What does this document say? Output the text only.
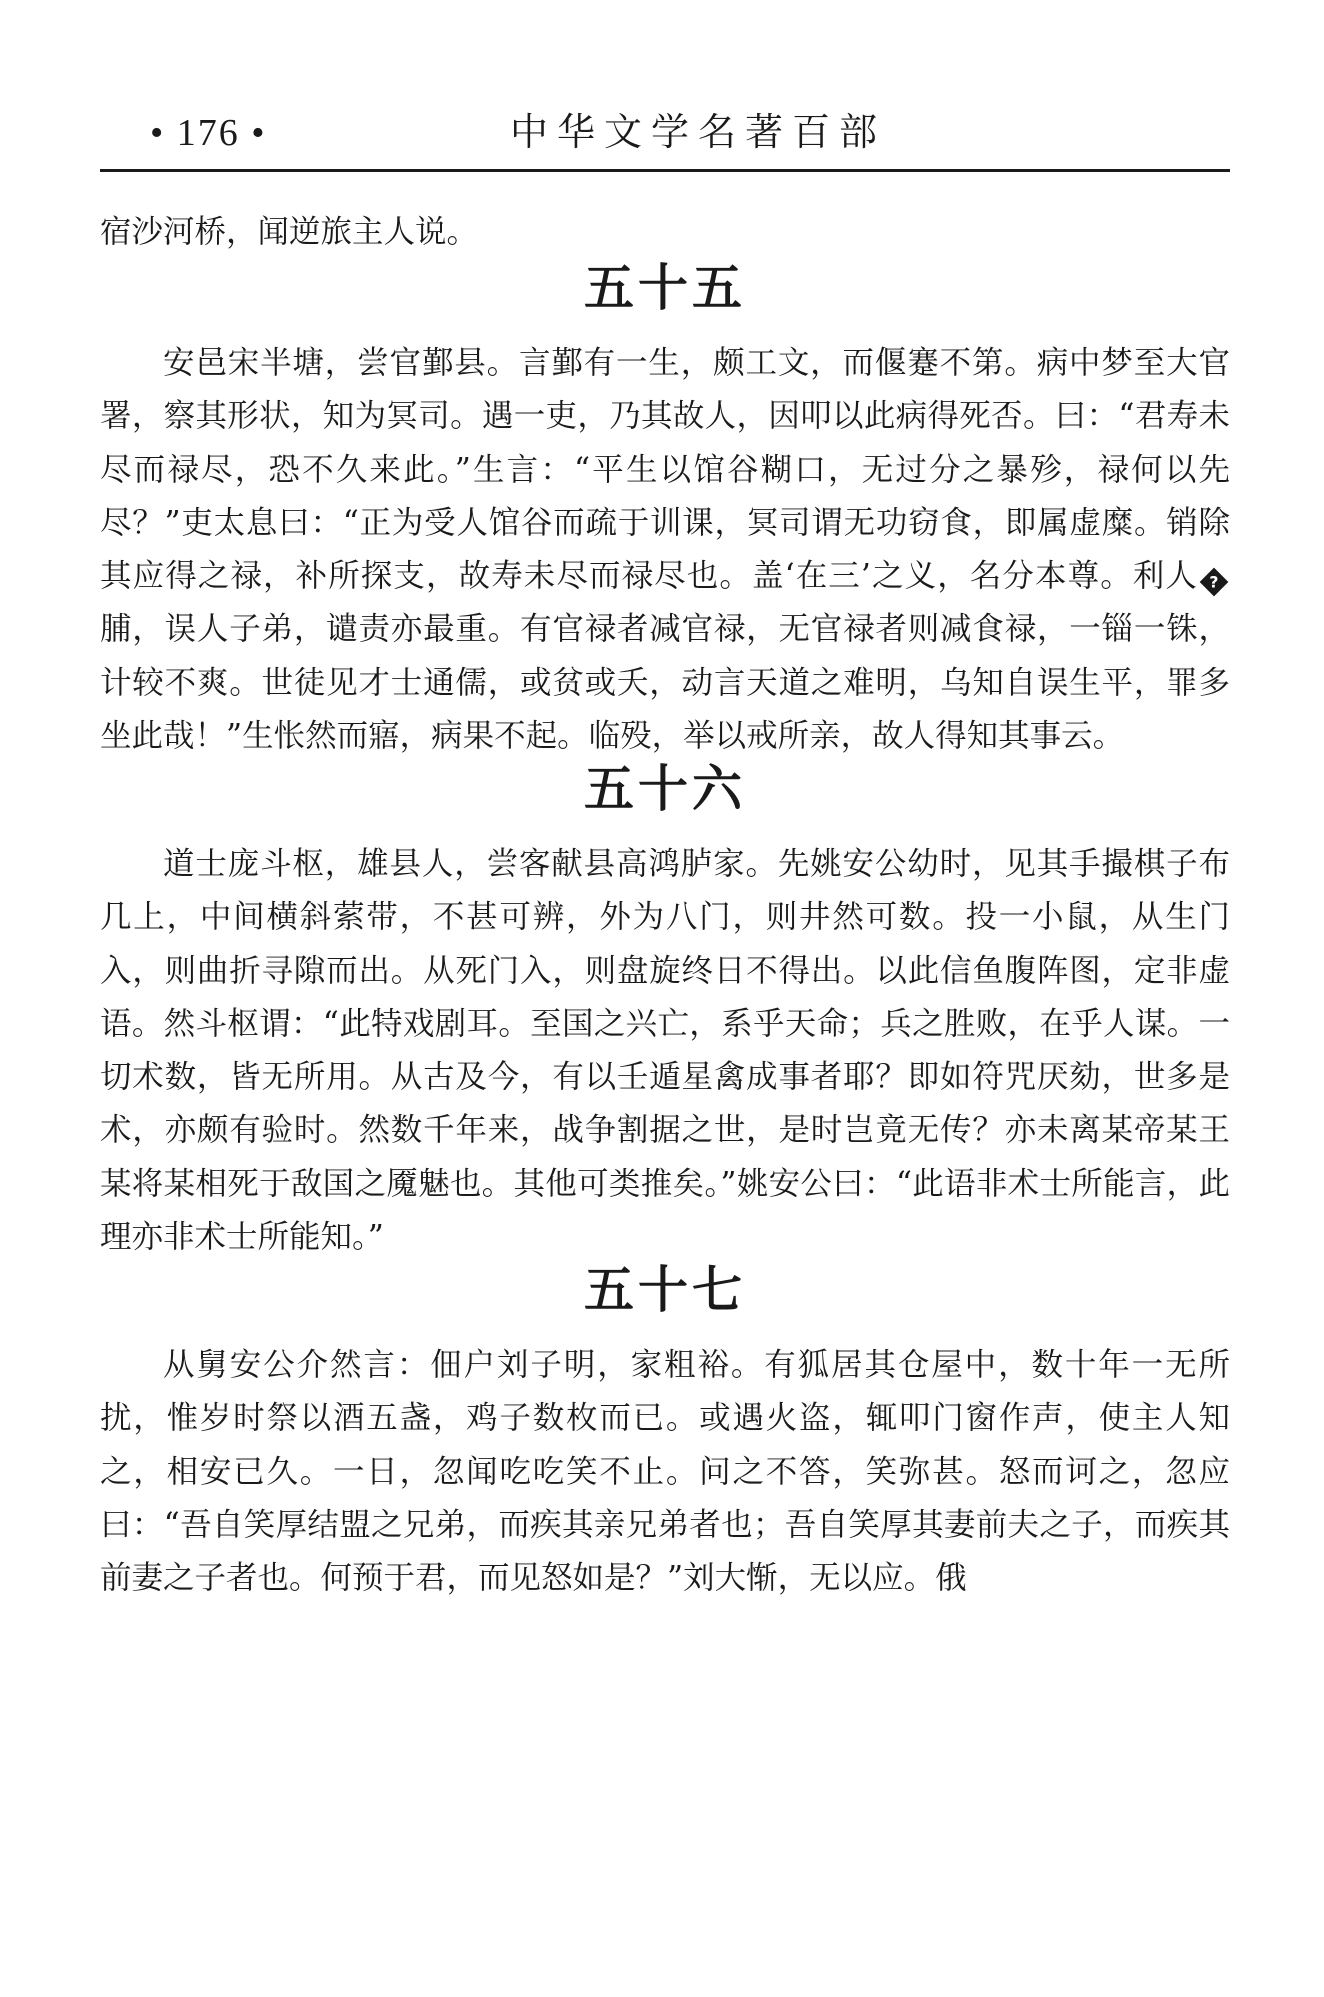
• 176 •	中华文学名著百部

宿沙河桥，闻逆旅主人说。

五十五

安邑宋半塘，尝官鄞县。言鄞有一生，颇工文，而偃蹇不第。病中梦至大官署，察其形状，知为冥司。遇一吏，乃其故人，因叩以此病得死否。曰：“君寿未尽而禄尽，恐不久来此。”生言：“平生以馆谷糊口，无过分之暴殄，禄何以先尽？”吏太息曰：“正为受人馆谷而疏于训课，冥司谓无功窃食，即属虚糜。销除其应得之禄，补所探支，故寿未尽而禄尽也。盖‘在三’之义，名分本尊。利人 ?脯，误人子弟，谴责亦最重。有官禄者减官禄，无官禄者则减食禄，一锱一铢，计较不爽。世徒见才士通儒，或贫或夭，动言天道之难明，乌知自误生平，罪多坐此哉！”生怅然而寤，病果不起。临殁，举以戒所亲，故人得知其事云。

五十六

道士庞斗枢，雄县人，尝客献县高鸿胪家。先姚安公幼时，见其手撮棋子布几上，中间横斜萦带，不甚可辨，外为八门，则井然可数。投一小鼠，从生门入，则曲折寻隙而出。从死门入，则盘旋终日不得出。以此信鱼腹阵图，定非虚语。然斗枢谓：“此特戏剧耳。至国之兴亡，系乎天命；兵之胜败，在乎人谋。一切术数，皆无所用。从古及今，有以壬遁星禽成事者耶？即如符咒厌劾，世多是术，亦颇有验时。然数千年来，战争割据之世，是时岂竟无传？亦未离某帝某王某将某相死于敌国之魇魅也。其他可类推矣。”姚安公曰：“此语非术士所能言，此理亦非术士所能知。”

五十七

从舅安公介然言：佃户刘子明，家粗裕。有狐居其仓屋中，数十年一无所扰，惟岁时祭以酒五盏，鸡子数枚而已。或遇火盗，辄叩门窗作声，使主人知之，相安已久。一日，忽闻吃吃笑不止。问之不答，笑弥甚。怒而诃之，忽应曰：“吾自笑厚结盟之兄弟，而疾其亲兄弟者也；吾自笑厚其妻前夫之子，而疾其前妻之子者也。何预于君，而见怒如是？”刘大惭，无以应。俄
